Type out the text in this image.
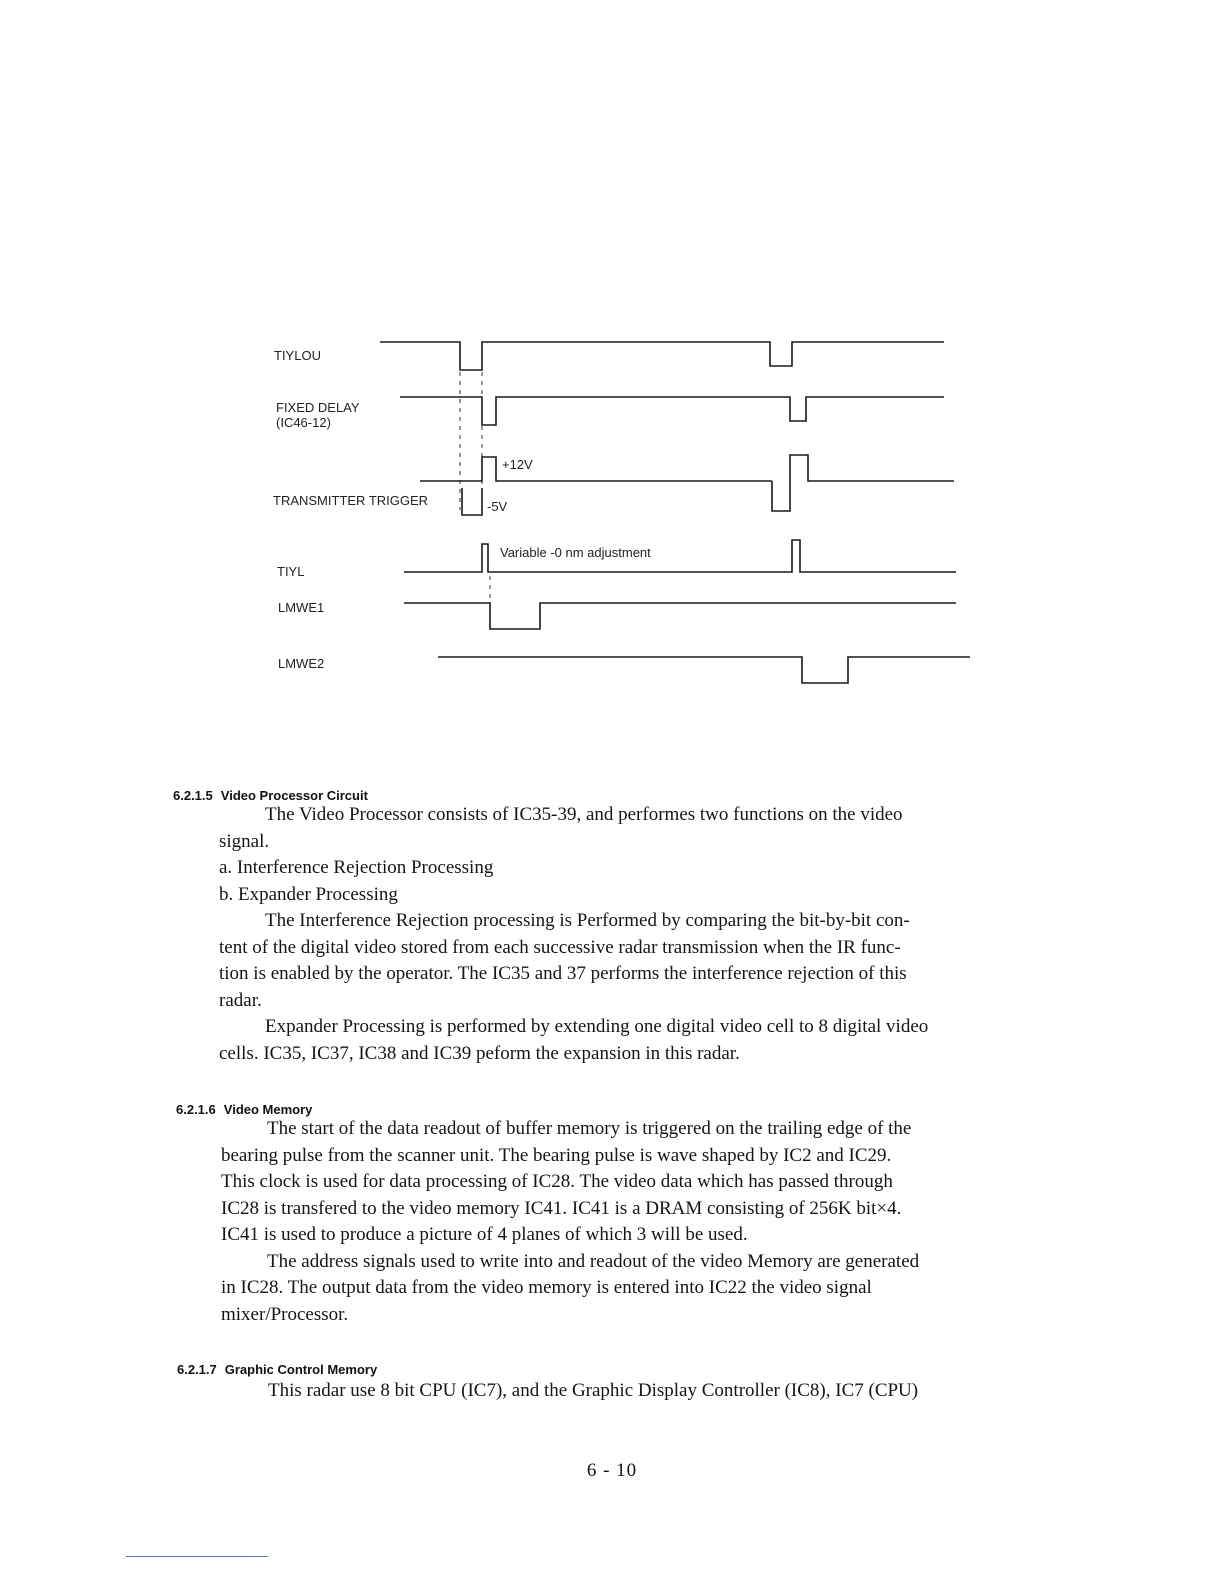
TIYLOU
FIXED DELAY
(IC46-12)
TRANSMITTER TRIGGER
TIYL
LMWE1
LMWE2
+12V
-5V
Variable -0 nm adjustment
6.2.1.5 Video Processor Circuit

The Video Processor consists of IC35-39, and performes two functions on the video

signal.

a. Interference Rejection Processing

b. Expander Processing

The Interference Rejection processing is Performed by comparing the bit-by-bit con-

tent of the digital video stored from each successive radar transmission when the IR func-

tion is enabled by the operator. The IC35 and 37 performs the interference rejection of this

radar.

Expander Processing is performed by extending one digital video cell to 8 digital video

cells. IC35, IC37, IC38 and IC39 peform the expansion in this radar.

6.2.1.6 Video Memory

The start of the data readout of buffer memory is triggered on the trailing edge of the

bearing pulse from the scanner unit. The bearing pulse is wave shaped by IC2 and IC29.

This clock is used for data processing of IC28. The video data which has passed through

IC28 is transfered to the video memory IC41. IC41 is a DRAM consisting of 256K bit×4.

IC41 is used to produce a picture of 4 planes of which 3 will be used.

The address signals used to write into and readout of the video Memory are generated

in IC28. The output data from the video memory is entered into IC22 the video signal

mixer/Processor.

6.2.1.7 Graphic Control Memory

This radar use 8 bit CPU (IC7), and the Graphic Display Controller (IC8), IC7 (CPU)

6 - 10
